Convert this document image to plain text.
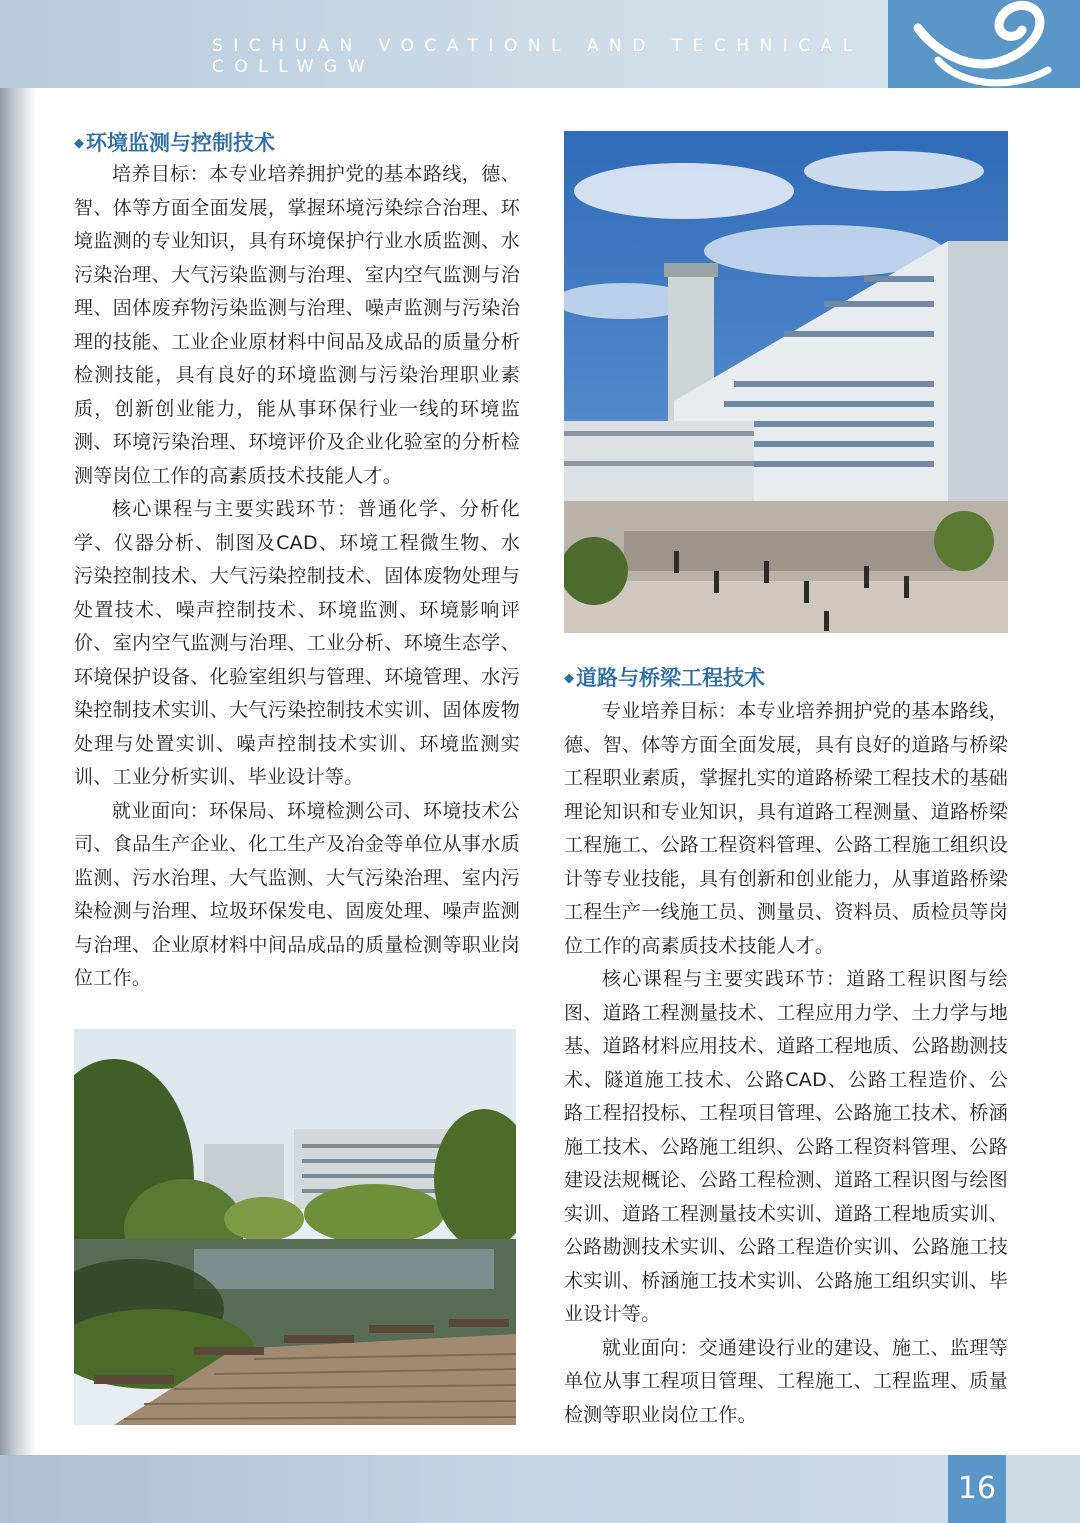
SICHUAN VOCATIONL AND TECHNICAL COLLWGW
◆环境监测与控制技术

培养目标：本专业培养拥护党的基本路线，德、智、体等方面全面发展，掌握环境污染综合治理、环境监测的专业知识，具有环境保护行业水质监测、水污染治理、大气污染监测与治理、室内空气监测与治理、固体废弃物污染监测与治理、噪声监测与污染治理的技能、工业企业原材料中间品及成品的质量分析检测技能，具有良好的环境监测与污染治理职业素质，创新创业能力，能从事环保行业一线的环境监测、环境污染治理、环境评价及企业化验室的分析检测等岗位工作的高素质技术技能人才。

核心课程与主要实践环节：普通化学、分析化学、仪器分析、制图及CAD、环境工程微生物、水污染控制技术、大气污染控制技术、固体废物处理与处置技术、噪声控制技术、环境监测、环境影响评价、室内空气监测与治理、工业分析、环境生态学、环境保护设备、化验室组织与管理、环境管理、水污染控制技术实训、大气污染控制技术实训、固体废物处理与处置实训、噪声控制技术实训、环境监测实训、工业分析实训、毕业设计等。

就业面向：环保局、环境检测公司、环境技术公司、食品生产企业、化工生产及冶金等单位从事水质监测、污水治理、大气监测、大气污染治理、室内污染检测与治理、垃圾环保发电、固废处理、噪声监测与治理、企业原材料中间品成品的质量检测等职业岗位工作。

◆道路与桥梁工程技术

专业培养目标：本专业培养拥护党的基本路线，德、智、体等方面全面发展，具有良好的道路与桥梁工程职业素质，掌握扎实的道路桥梁工程技术的基础理论知识和专业知识，具有道路工程测量、道路桥梁工程施工、公路工程资料管理、公路工程施工组织设计等专业技能，具有创新和创业能力，从事道路桥梁工程生产一线施工员、测量员、资料员、质检员等岗位工作的高素质技术技能人才。

核心课程与主要实践环节：道路工程识图与绘图、道路工程测量技术、工程应用力学、土力学与地基、道路材料应用技术、道路工程地质、公路勘测技术、隧道施工技术、公路CAD、公路工程造价、公路工程招投标、工程项目管理、公路施工技术、桥涵施工技术、公路施工组织、公路工程资料管理、公路建设法规概论、公路工程检测、道路工程识图与绘图实训、道路工程测量技术实训、道路工程地质实训、公路勘测技术实训、公路工程造价实训、公路施工技术实训、桥涵施工技术实训、公路施工组织实训、毕业设计等。

就业面向：交通建设行业的建设、施工、监理等单位从事工程项目管理、工程施工、工程监理、质量检测等职业岗位工作。

16
